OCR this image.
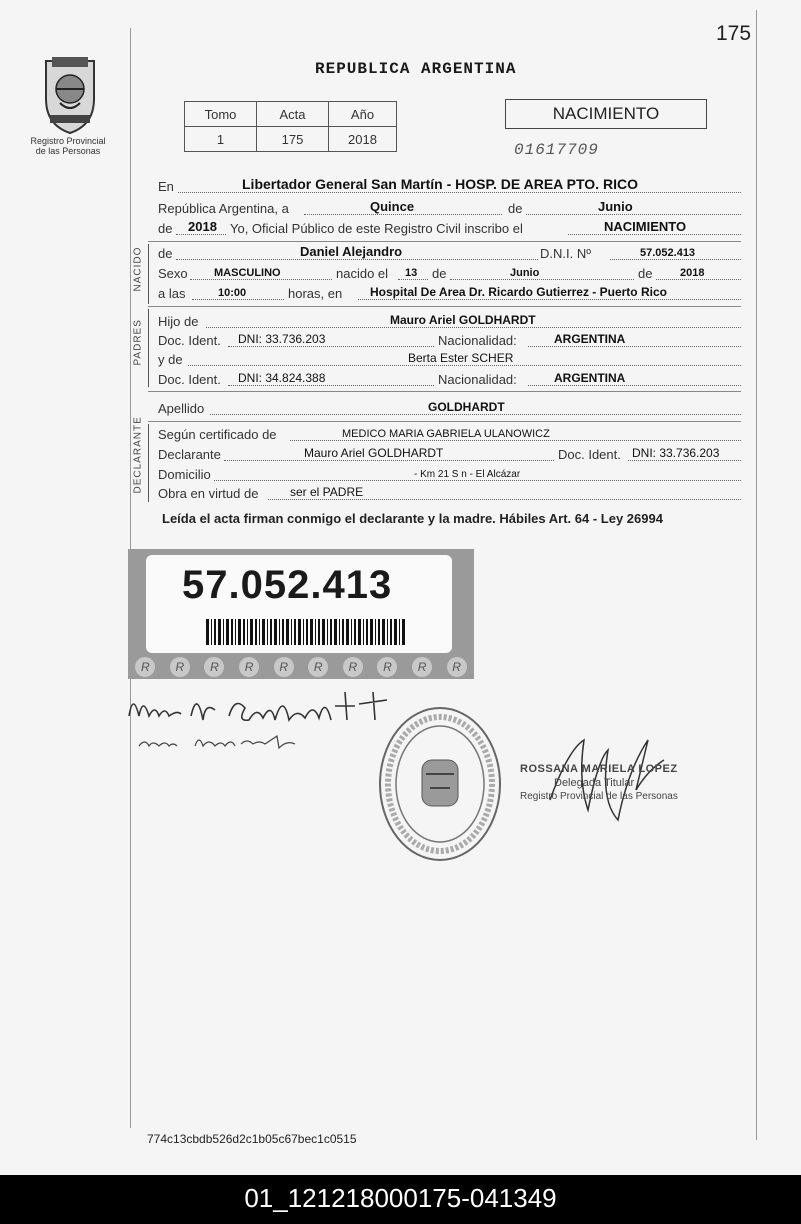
175
Registro Provincial
de las Personas
REPUBLICA ARGENTINA
Tomo	Acta	Año
1	175	2018
NACIMIENTO
01617709
En	Libertador General San Martín - HOSP. DE AREA PTO. RICO
República Argentina, a	Quince	de	Junio
de 2018 Yo, Oficial Público de este Registro Civil inscribo el	NACIMIENTO
NACIDO de	Daniel Alejandro	D.N.I. Nº	57.052.413
Sexo MASCULINO	nacido el 13 de	Junio	de	2018
a las	10:00	horas, en Hospital De Area Dr. Ricardo Gutierrez - Puerto Rico
PADRES Hijo de	Mauro Ariel GOLDHARDT
Doc. Ident. DNI: 33.736.203	Nacionalidad:	ARGENTINA
y de	Berta Ester SCHER
Doc. Ident. DNI: 34.824.388	Nacionalidad:	ARGENTINA
Apellido	GOLDHARDT
DECLARANTE Según certificado de	MEDICO MARIA GABRIELA ULANOWICZ
Declarante	Mauro Ariel GOLDHARDT	Doc. Ident. DNI: 33.736.203
Domicilio	- Km 21 S n - El Alcázar
Obra en virtud de	ser el PADRE
Leída el acta firman conmigo el declarante y la madre. Hábiles Art. 64 - Ley 26994
57.052.413
R	R	R	R	R	R	R	R	R	R
ROSSANA MARIELA LOPEZ
Delegada Titular
Registro Provincial de las Personas
774c13cbdb526d2c1b05c67bec1c0515
01_121218000175-041349
